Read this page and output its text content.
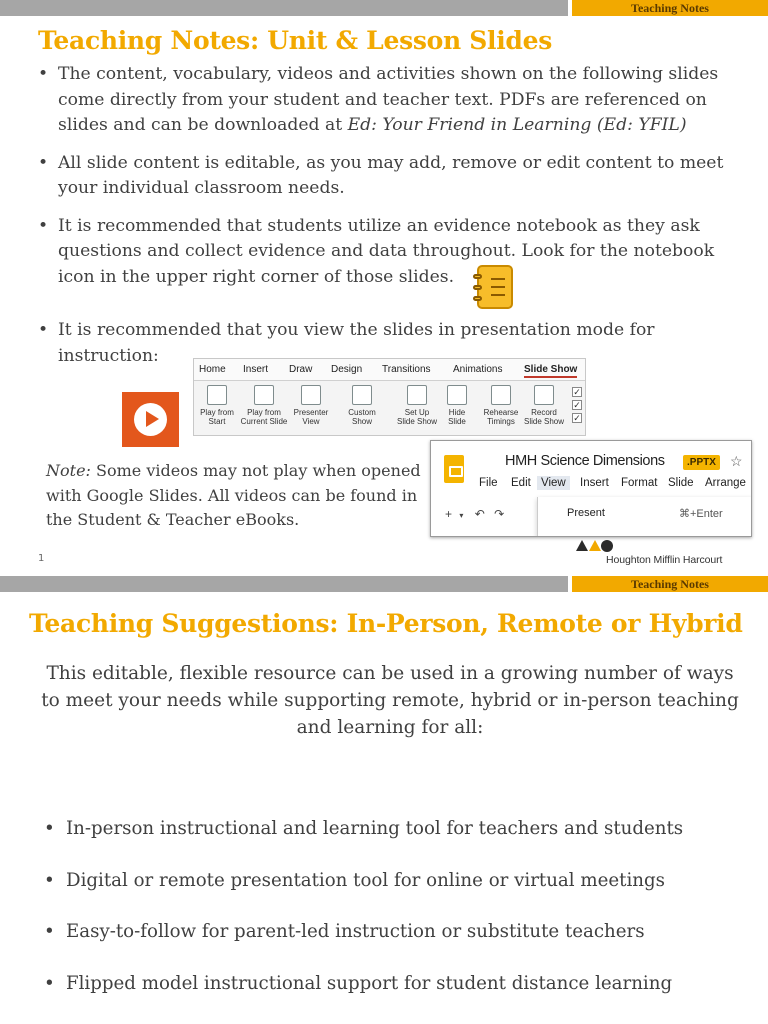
Teaching Notes
Teaching Notes: Unit & Lesson Slides
• The content, vocabulary, videos and activities shown on the following slides come directly from your student and teacher text. PDFs are referenced on slides and can be downloaded at Ed: Your Friend in Learning (Ed: YFIL)
• All slide content is editable, as you may add, remove or edit content to meet your individual classroom needs.
• It is recommended that students utilize an evidence notebook as they ask questions and collect evidence and data throughout. Look for the notebook icon in the upper right corner of those slides.
• It is recommended that you view the slides in presentation mode for instruction:
Home Insert Draw Design Transitions Animations Slide Show
Play from
Start
Play from
Current Slide
Presenter
View
Custom
Show
Set Up
Slide Show
Hide
Slide
Rehearse
Timings
Record
Slide Show
✓
✓
✓
Note: Some videos may not play when opened with Google Slides. All videos can be found in the Student & Teacher eBooks.
HMH Science Dimensions	.PPTX ☆
File Edit View	Insert Format Slide Arrange
+ ▾ ↶ ↷	Present	⌘+Enter
1	Houghton Mifflin Harcourt
Teaching Notes
Teaching Suggestions: In-Person, Remote or Hybrid
This editable, flexible resource can be used in a growing number of ways to meet your needs while supporting remote, hybrid or in-person teaching and learning for all:
• In-person instructional and learning tool for teachers and students
• Digital or remote presentation tool for online or virtual meetings
• Easy-to-follow for parent-led instruction or substitute teachers
• Flipped model instructional support for student distance learning
